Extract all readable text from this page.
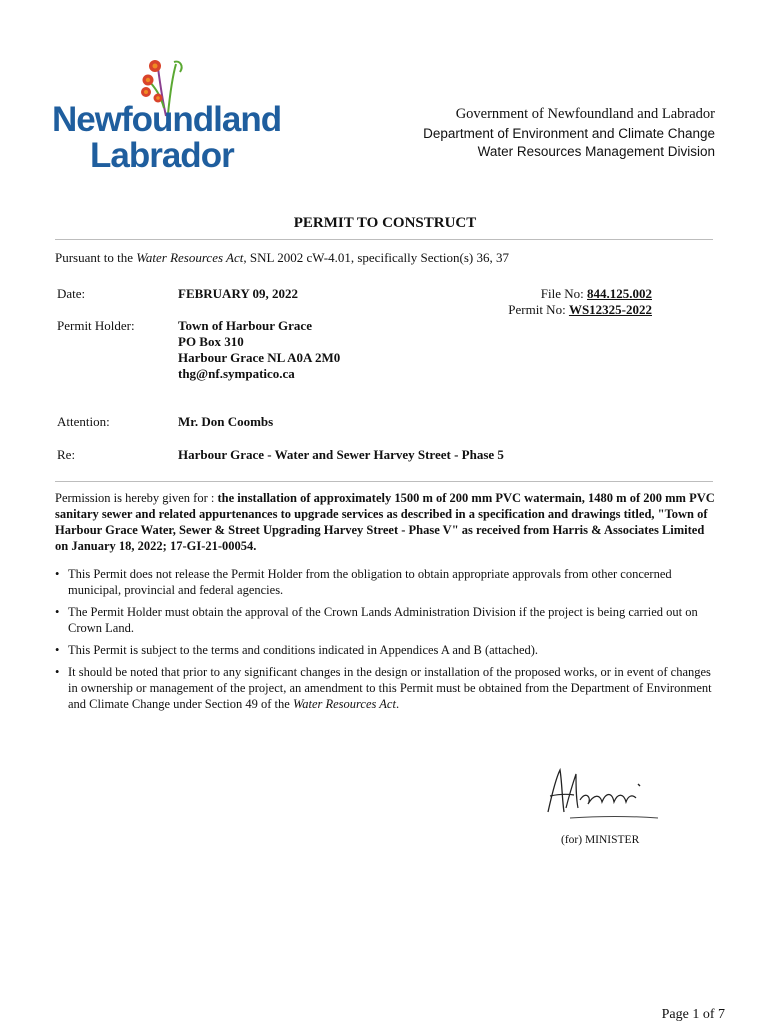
Newfoundland
Labrador
Government of Newfoundland and Labrador
Department of Environment and Climate Change
Water Resources Management Division
PERMIT TO CONSTRUCT
Pursuant to the Water Resources Act, SNL 2002 cW-4.01, specifically Section(s) 36, 37
Date:	FEBRUARY 09, 2022	File No: 844.125.002
Permit No: WS12325-2022
Permit Holder:	Town of Harbour Grace
PO Box 310
Harbour Grace NL A0A 2M0
thg@nf.sympatico.ca
Attention:	Mr. Don Coombs
Re:	Harbour Grace - Water and Sewer Harvey Street - Phase 5
Permission is hereby given for : the installation of approximately 1500 m of 200 mm PVC watermain, 1480 m of 200 mm PVC sanitary sewer and related appurtenances to upgrade services as described in a specification and drawings titled, "Town of Harbour Grace Water, Sewer & Street Upgrading Harvey Street - Phase V" as received from Harris & Associates Limited on January 18, 2022; 17-GI-21-00054.
• This Permit does not release the Permit Holder from the obligation to obtain appropriate approvals from other concerned municipal, provincial and federal agencies.
• The Permit Holder must obtain the approval of the Crown Lands Administration Division if the project is being carried out on Crown Land.
• This Permit is subject to the terms and conditions indicated in Appendices A and B (attached).
• It should be noted that prior to any significant changes in the design or installation of the proposed works, or in event of changes in ownership or management of the project, an amendment to this Permit must be obtained from the Department of Environment and Climate Change under Section 49 of the Water Resources Act.
(for) MINISTER
Page 1 of 7
